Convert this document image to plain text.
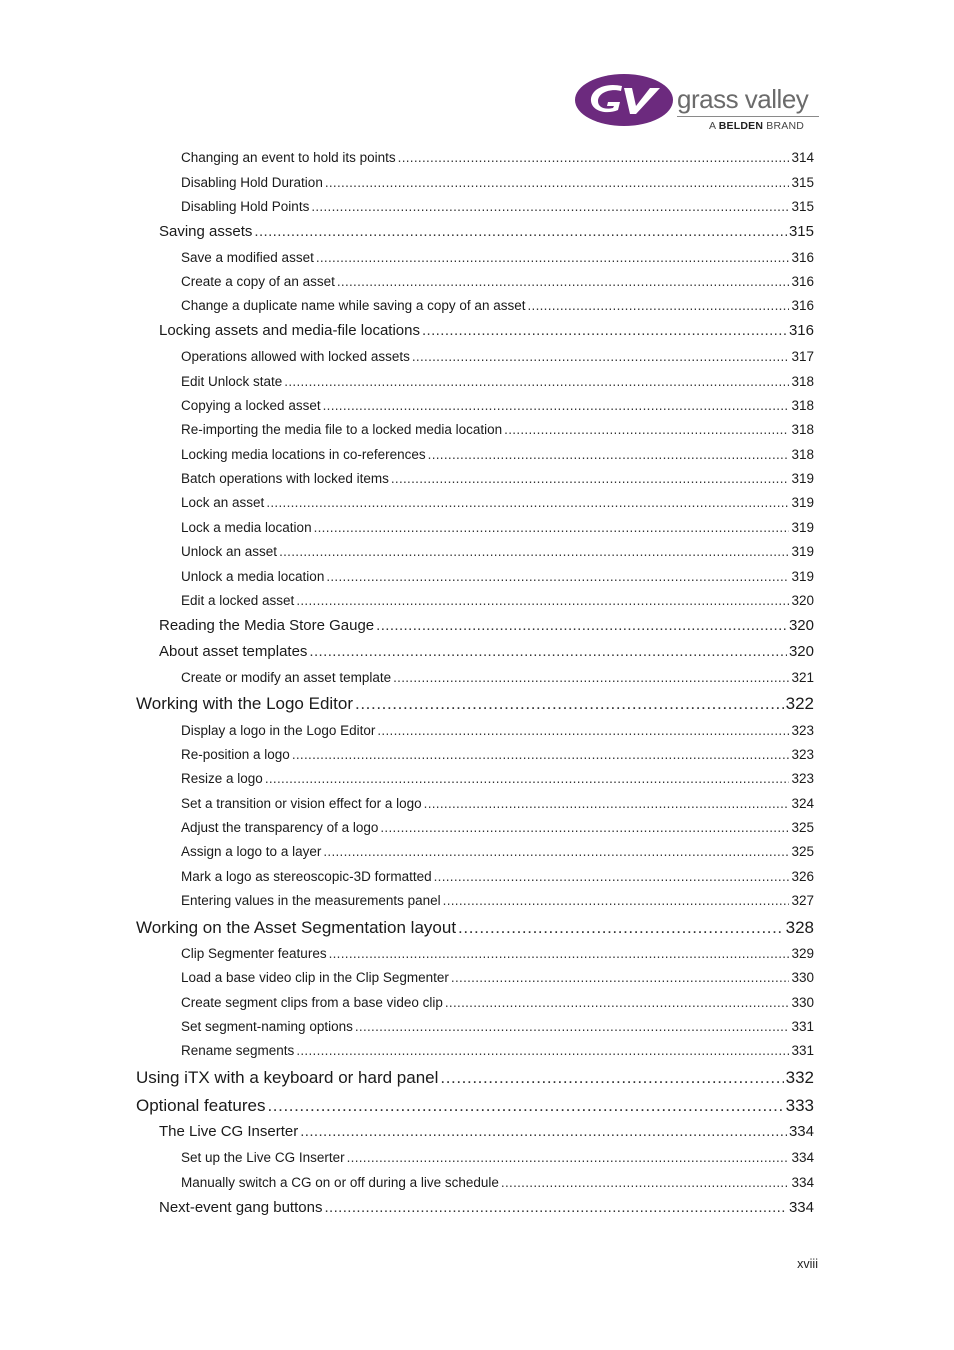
grass valley
A BELDEN BRAND
Changing an event to hold its points .....	314
Disabling Hold Duration .....	315
Disabling Hold Points .....	315
Saving assets .....	315
Save a modified asset .....	316
Create a copy of an asset .....	316
Change a duplicate name while saving a copy of an asset .....	316
Locking assets and media-file locations .....	316
Operations allowed with locked assets .....	317
Edit Unlock state .....	318
Copying a locked asset .....	318
Re-importing the media file to a locked media location .....	318
Locking media locations in co-references .....	318
Batch operations with locked items .....	319
Lock an asset .....	319
Lock a media location .....	319
Unlock an asset .....	319
Unlock a media location .....	319
Edit a locked asset .....	320
Reading the Media Store Gauge .....	320
About asset templates .....	320
Create or modify an asset template .....	321
Working with the Logo Editor .....	322
Display a logo in the Logo Editor .....	323
Re-position a logo .....	323
Resize a logo .....	323
Set a transition or vision effect for a logo .....	324
Adjust the transparency of a logo .....	325
Assign a logo to a layer .....	325
Mark a logo as stereoscopic-3D formatted .....	326
Entering values in the measurements panel .....	327
Working on the Asset Segmentation layout .....	328
Clip Segmenter features .....	329
Load a base video clip in the Clip Segmenter .....	330
Create segment clips from a base video clip .....	330
Set segment-naming options .....	331
Rename segments .....	331
Using iTX with a keyboard or hard panel .....	332
Optional features .....	333
The Live CG Inserter .....	334
Set up the Live CG Inserter .....	334
Manually switch a CG on or off during a live schedule .....	334
Next-event gang buttons .....	334
xviii
